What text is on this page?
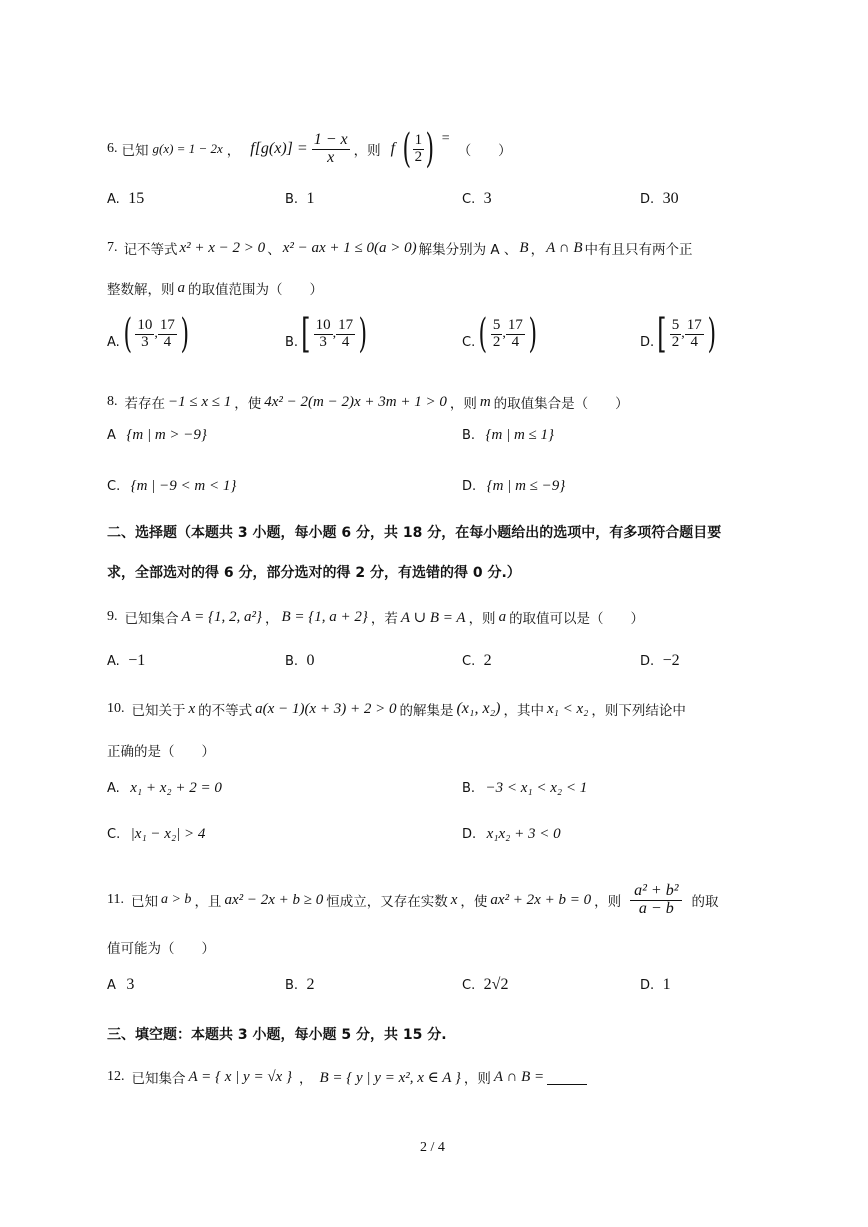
6. 已知 g(x) = 1 − 2x ， $f[g(x)] = \frac{1 - x}{x}$ ，则 f ( $\frac{1}{2}$ ) =
（　　）
A. 15	B. 1	C. 3	D. 30
7. 记不等式 x² + x − 2 > 0 、 x² − ax + 1 ≤ 0(a > 0) 解集分别为 A 、 B ， A ∩ B 中有且只有两个正
整数解，则 a 的取值范围为（　　）
A. ( $\frac{10}{3}$ , $\frac{17}{4}$ )	B. [ $\frac{10}{3}$ , $\frac{17}{4}$ )	C. ( $\frac{5}{2}$ , $\frac{17}{4}$ )	D. [ $\frac{5}{2}$ , $\frac{17}{4}$ )
8. 若存在 −1 ≤ x ≤ 1 ，使 4x² − 2(m − 2)x + 3m + 1 > 0 ，则 m 的取值集合是（　　）
A {m | m > −9}	B. {m | m ≤ 1}
C. {m | −9 < m < 1}	D. {m | m ≤ −9}
二、选择题（本题共 3 小题，每小题 6 分，共 18 分，在每小题给出的选项中，有多项符合题目要
求，全部选对的得 6 分，部分选对的得 2 分，有选错的得 0 分.）
9. 已知集合 A = {1, 2, a²} ， B = {1, a + 2} ，若 A ∪ B = A ，则 a 的取值可以是（　　）
A. −1	B. 0	C. 2	D. −2
10. 已知关于 x 的不等式 a(x − 1)(x + 3) + 2 > 0 的解集是 (x₁, x₂) ，其中 x₁ < x₂ ，则下列结论中
正确的是（　　）
A. x₁ + x₂ + 2 = 0	B. −3 < x₁ < x₂ < 1
C. |x₁ − x₂| > 4	D. x₁x₂ + 3 < 0
11. 已知 a > b ，且 ax² − 2x + b ≥ 0 恒成立，又存在实数 x ，使 ax² + 2x + b = 0 ，则 $\frac{\text{a² + b²}}{a - b}$ 的取
值可能为（　　）
A 3	B. 2	C. 2√2	D. 1
三、填空题：本题共 3 小题，每小题 5 分，共 15 分.
12. 已知集合 A = { x | y = √x } ， B = { y | y = x², x ∈ A } ，则 A ∩ B =
2 / 4
